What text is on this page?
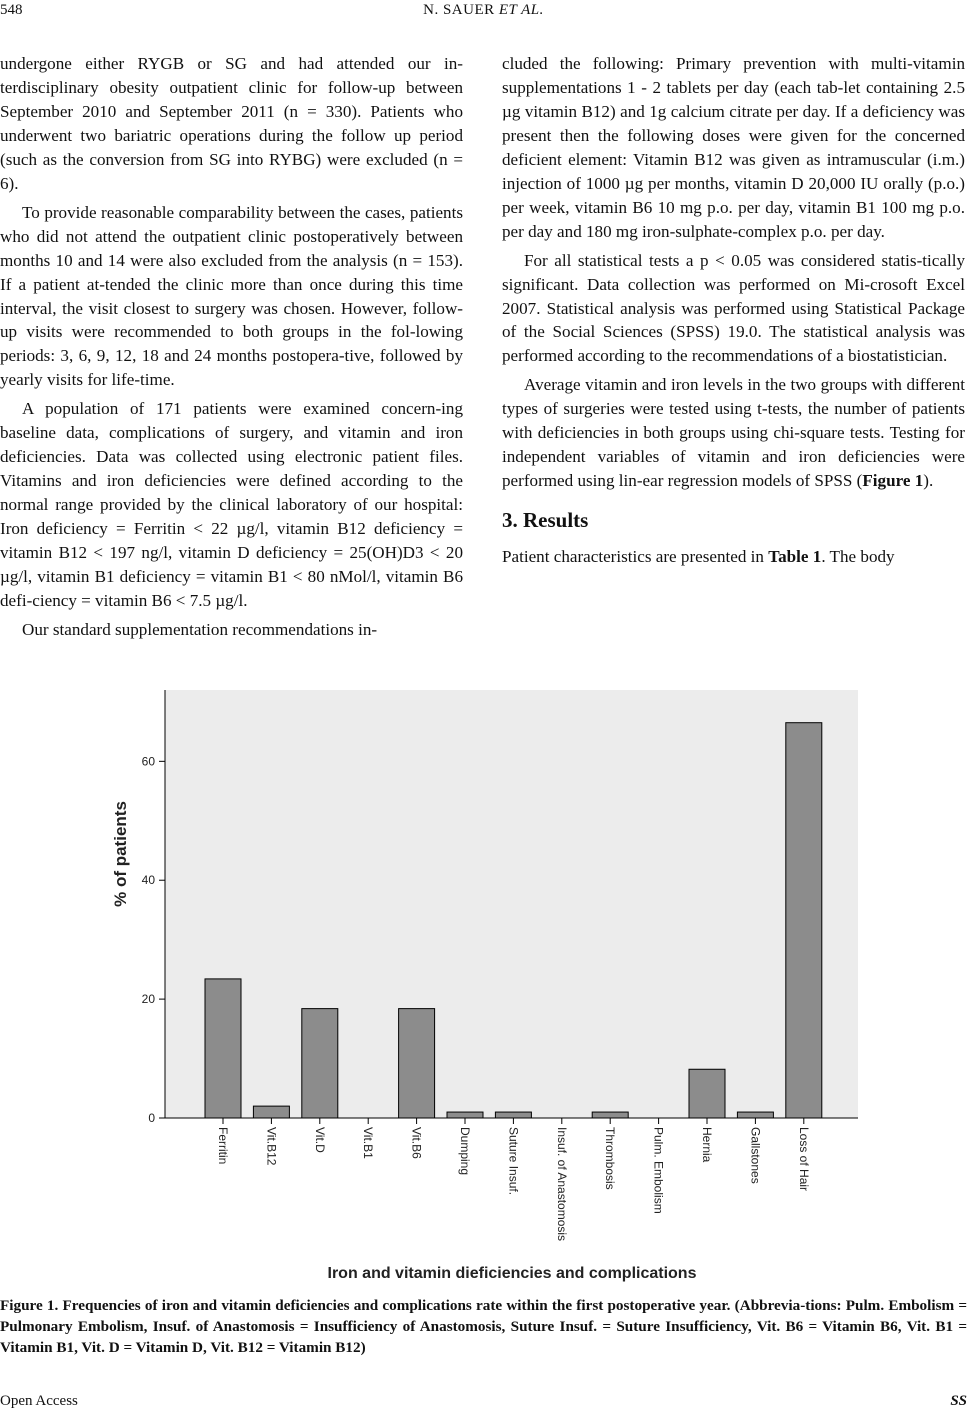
548	N. SAUER ET AL.

undergone either RYGB or SG and had attended our in-terdisciplinary obesity outpatient clinic for follow-up between September 2010 and September 2011 (n = 330). Patients who underwent two bariatric operations during the follow up period (such as the conversion from SG into RYBG) were excluded (n = 6).

To provide reasonable comparability between the cases, patients who did not attend the outpatient clinic postoperatively between months 10 and 14 were also excluded from the analysis (n = 153). If a patient at-tended the clinic more than once during this time interval, the visit closest to surgery was chosen. However, follow-up visits were recommended to both groups in the fol-lowing periods: 3, 6, 9, 12, 18 and 24 months postopera-tive, followed by yearly visits for life-time.

A population of 171 patients were examined concern-ing baseline data, complications of surgery, and vitamin and iron deficiencies. Data was collected using electronic patient files. Vitamins and iron deficiencies were defined according to the normal range provided by the clinical laboratory of our hospital: Iron deficiency = Ferritin < 22 µg/l, vitamin B12 deficiency = vitamin B12 < 197 ng/l, vitamin D deficiency = 25(OH)D3 < 20 µg/l, vitamin B1 deficiency = vitamin B1 < 80 nMol/l, vitamin B6 defi-ciency = vitamin B6 < 7.5 µg/l.

Our standard supplementation recommendations in-

cluded the following: Primary prevention with multi-vitamin supplementations 1 - 2 tablets per day (each tab-let containing 2.5 µg vitamin B12) and 1g calcium citrate per day. If a deficiency was present then the following doses were given for the concerned deficient element: Vitamin B12 was given as intramuscular (i.m.) injection of 1000 µg per months, vitamin D 20,000 IU orally (p.o.) per week, vitamin B6 10 mg p.o. per day, vitamin B1 100 mg p.o. per day and 180 mg iron-sulphate-complex p.o. per day.

For all statistical tests a p < 0.05 was considered statis-tically significant. Data collection was performed on Mi-crosoft Excel 2007. Statistical analysis was performed using Statistical Package of the Social Sciences (SPSS) 19.0. The statistical analysis was performed according to the recommendations of a biostatistician.

Average vitamin and iron levels in the two groups with different types of surgeries were tested using t-tests, the number of patients with deficiencies in both groups using chi-square tests. Testing for independent variables of vitamin and iron deficiencies were performed using lin-ear regression models of SPSS (Figure 1).

3. Results

Patient characteristics are presented in Table 1. The body

0
20
40
60
% of patients
Ferritin	Vit.B12	Vit.D	Vit.B1	Vit.B6	Dumping	Suture Insuf.	Insuf. of Anastomosis	Thrombosis	Pulm. Embolism	Hernia	Gallstones	Loss of Hair
Iron and vitamin dieficiencies and complications
Figure 1. Frequencies of iron and vitamin deficiencies and complications rate within the first postoperative year. (Abbrevia-tions: Pulm. Embolism = Pulmonary Embolism, Insuf. of Anastomosis = Insufficiency of Anastomosis, Suture Insuf. = Suture Insufficiency, Vit. B6 = Vitamin B6, Vit. B1 = Vitamin B1, Vit. D = Vitamin D, Vit. B12 = Vitamin B12)
Open Access	SS
